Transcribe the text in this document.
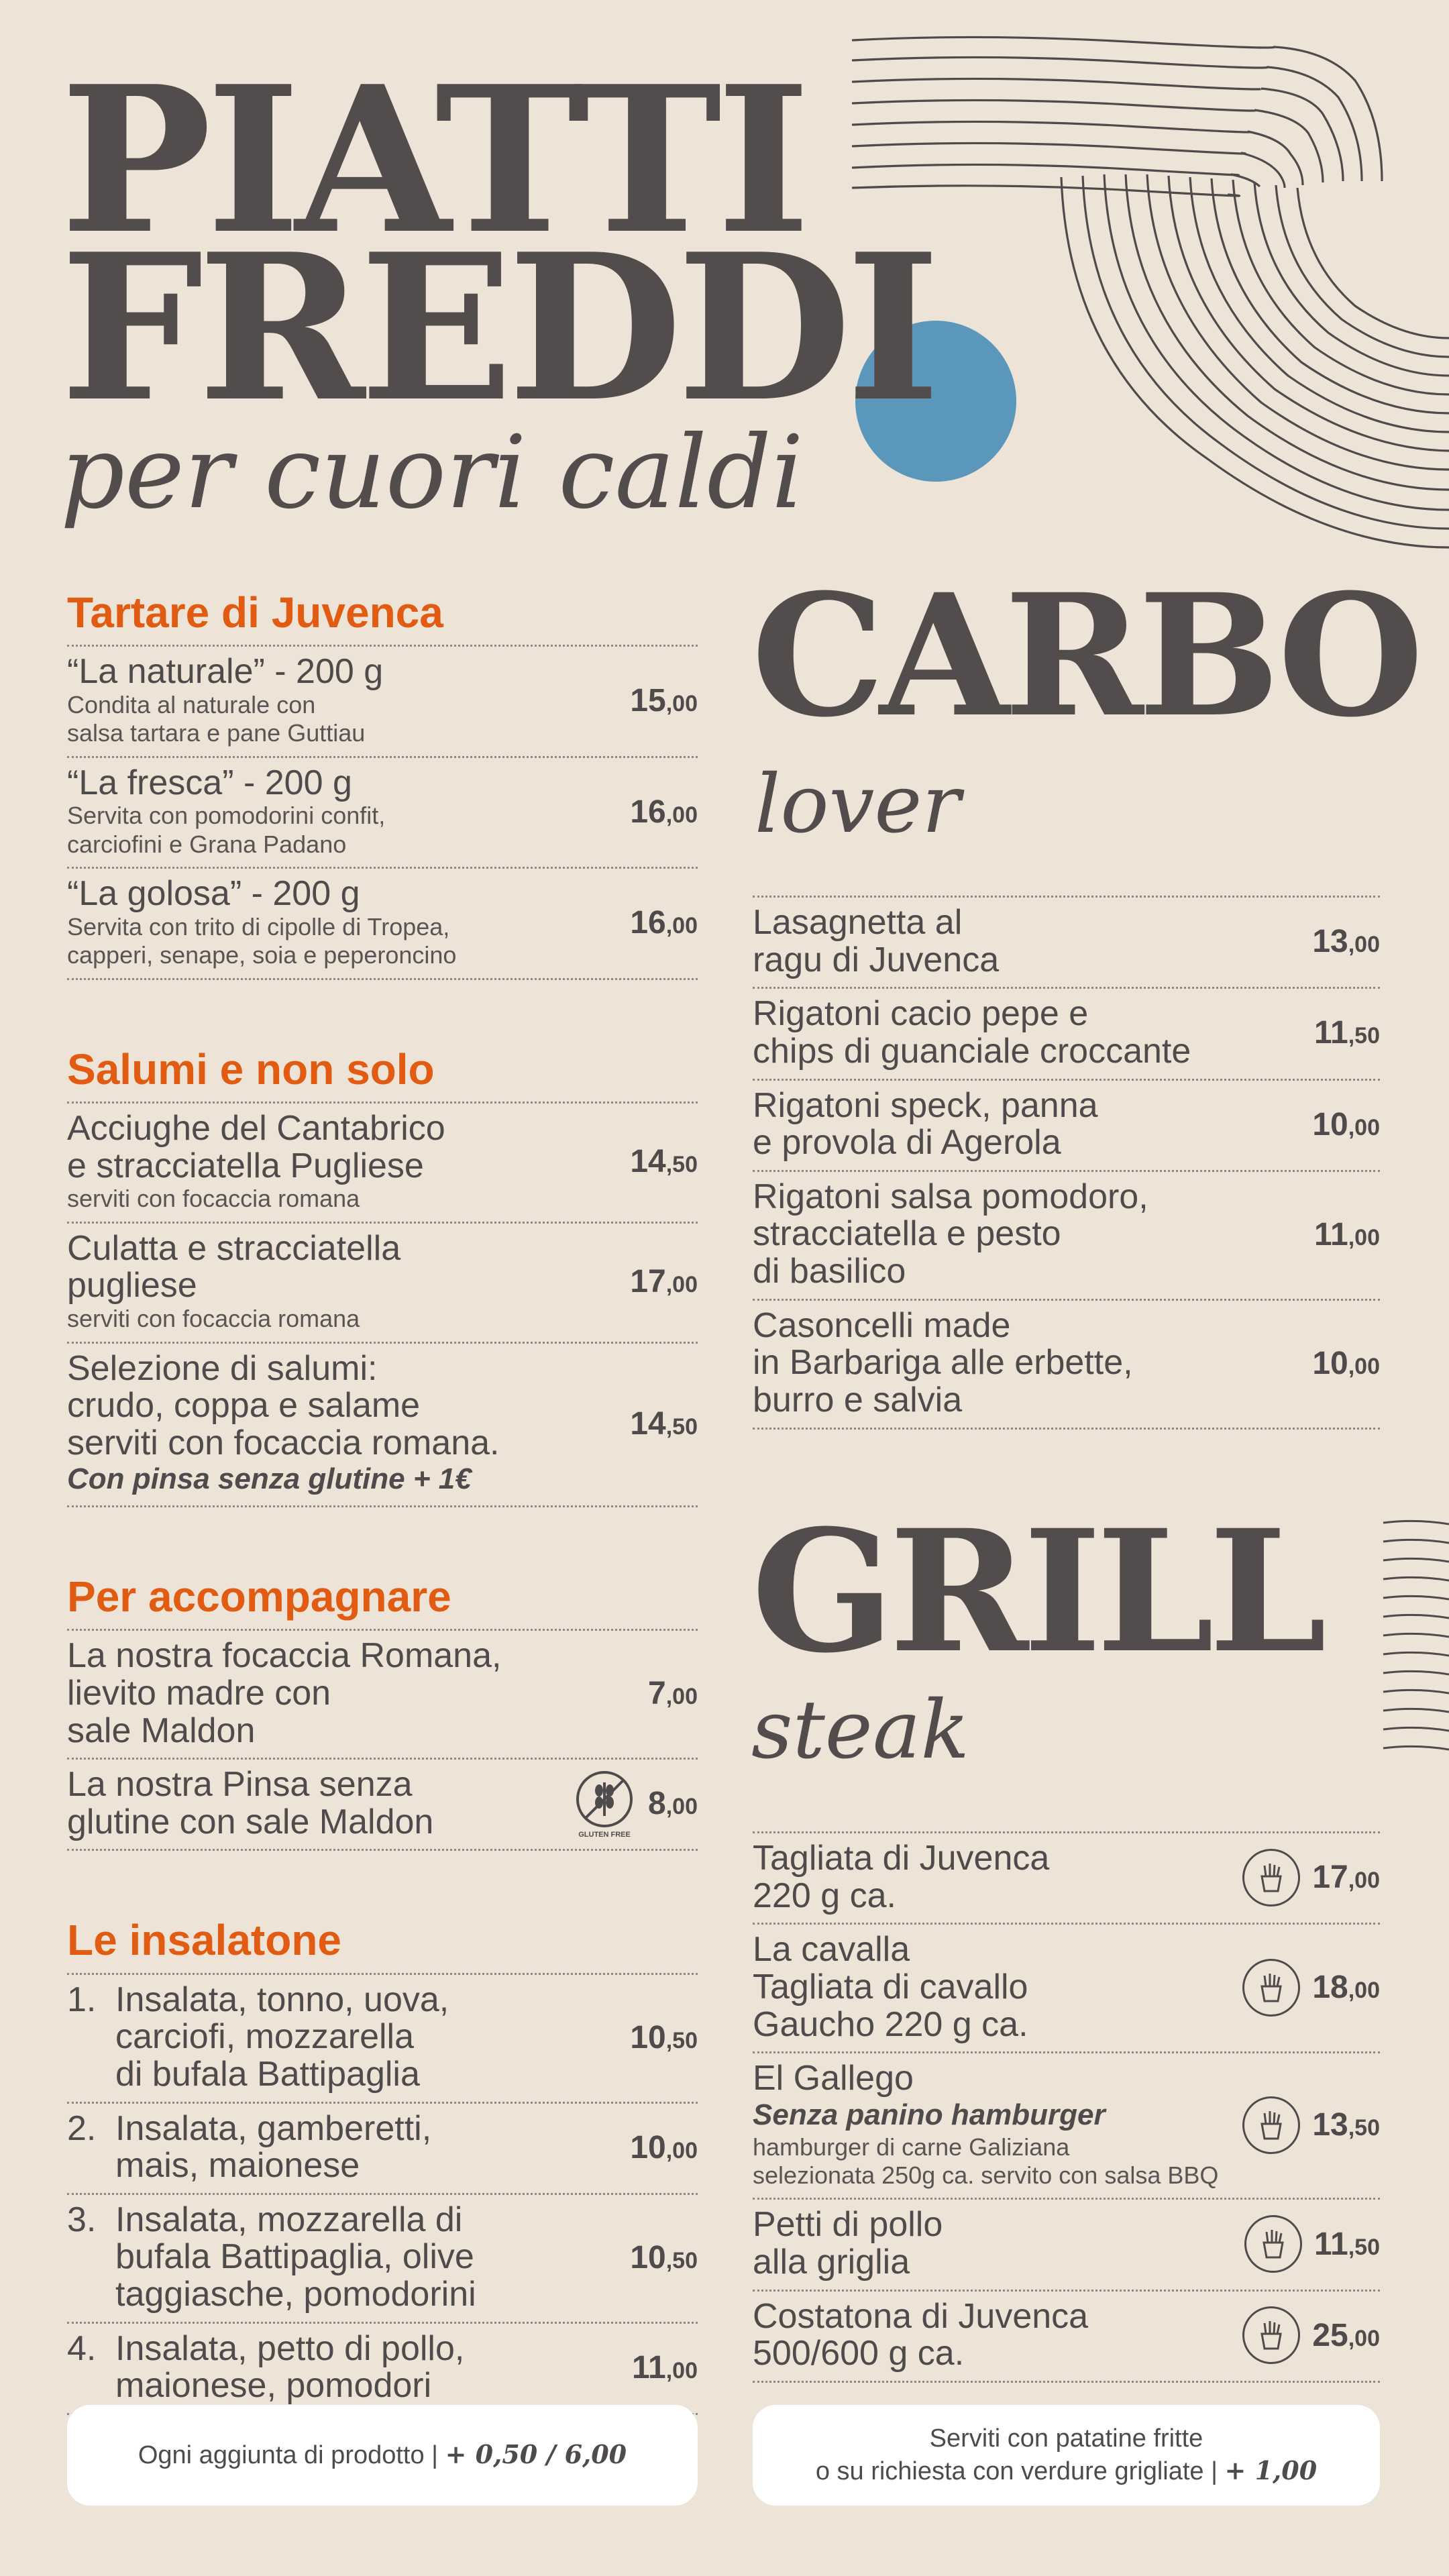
PIATTI
FREDDI
per cuori caldi
Tartare di Juvenca
“La naturale” - 200 g
Condita al naturale con
salsa tartara e pane Guttiau
15,00
“La fresca” - 200 g
Servita con pomodorini confit,
carciofini e Grana Padano
16,00
“La golosa” - 200 g
Servita con trito di cipolle di Tropea,
capperi, senape, soia e peperoncino
16,00
Salumi e non solo
Acciughe del Cantabrico
e stracciatella Pugliese
serviti con focaccia romana
14,50
Culatta e stracciatella
pugliese
serviti con focaccia romana
17,00
Selezione di salumi:
crudo, coppa e salame
serviti con focaccia romana.
Con pinsa senza glutine + 1€
14,50
Per accompagnare
La nostra focaccia Romana,
lievito madre con
sale Maldon
7,00
La nostra Pinsa senza
glutine con sale Maldon	GLUTEN FREE
8,00
Le insalatone
1. Insalata, tonno, uova,
carciofi, mozzarella
di bufala Battipaglia
10,50
2. Insalata, gamberetti,
mais, maionese	10,00
3. Insalata, mozzarella di
bufala Battipaglia, olive
taggiasche, pomodorini
10,50
4. Insalata, petto di pollo,
maionese, pomodori	11,00
Ogni aggiunta di prodotto | + 0,50 / 6,00
CARBO
lover
Lasagnetta al
ragu di Juvenca	13,00
Rigatoni cacio pepe e
chips di guanciale croccante	11,50
Rigatoni speck, panna
e provola di Agerola	10,00
Rigatoni salsa pomodoro,
stracciatella e pesto
di basilico
11,00
Casoncelli made
in Barbariga alle erbette,
burro e salvia
10,00
GRILL
steak
Tagliata di Juvenca
220 g ca.	17,00
La cavalla
Tagliata di cavallo
Gaucho 220 g ca.
18,00
El Gallego
Senza panino hamburger
hamburger di carne Galiziana
selezionata 250g ca. servito con salsa BBQ
13,50
Petti di pollo
alla griglia	11,50
Costatona di Juvenca
500/600 g ca.	25,00
Serviti con patatine fritte
o su richiesta con verdure grigliate | + 1,00
